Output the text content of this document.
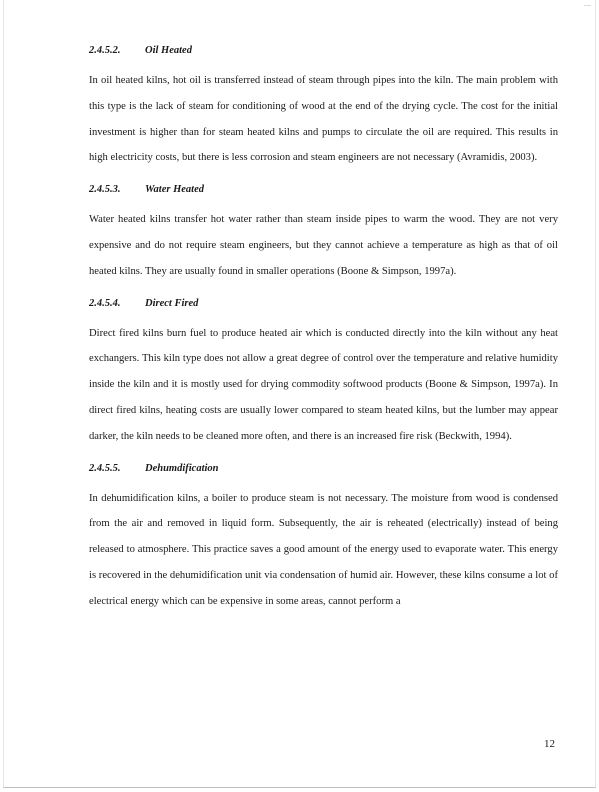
—
2.4.5.2. Oil Heated

In oil heated kilns, hot oil is transferred instead of steam through pipes into the kiln. The main problem with this type is the lack of steam for conditioning of wood at the end of the drying cycle. The cost for the initial investment is higher than for steam heated kilns and pumps to circulate the oil are required. This results in high electricity costs, but there is less corrosion and steam engineers are not necessary (Avramidis, 2003).

2.4.5.3. Water Heated

Water heated kilns transfer hot water rather than steam inside pipes to warm the wood. They are not very expensive and do not require steam engineers, but they cannot achieve a temperature as high as that of oil heated kilns. They are usually found in smaller operations (Boone & Simpson, 1997a).

2.4.5.4. Direct Fired

Direct fired kilns burn fuel to produce heated air which is conducted directly into the kiln without any heat exchangers. This kiln type does not allow a great degree of control over the temperature and relative humidity inside the kiln and it is mostly used for drying commodity softwood products (Boone & Simpson, 1997a). In direct fired kilns, heating costs are usually lower compared to steam heated kilns, but the lumber may appear darker, the kiln needs to be cleaned more often, and there is an increased fire risk (Beckwith, 1994).

2.4.5.5. Dehumdification

In dehumidification kilns, a boiler to produce steam is not necessary. The moisture from wood is condensed from the air and removed in liquid form. Subsequently, the air is reheated (electrically) instead of being released to atmosphere. This practice saves a good amount of the energy used to evaporate water. This energy is recovered in the dehumidification unit via condensation of humid air. However, these kilns consume a lot of electrical energy which can be expensive in some areas, cannot perform a

12
